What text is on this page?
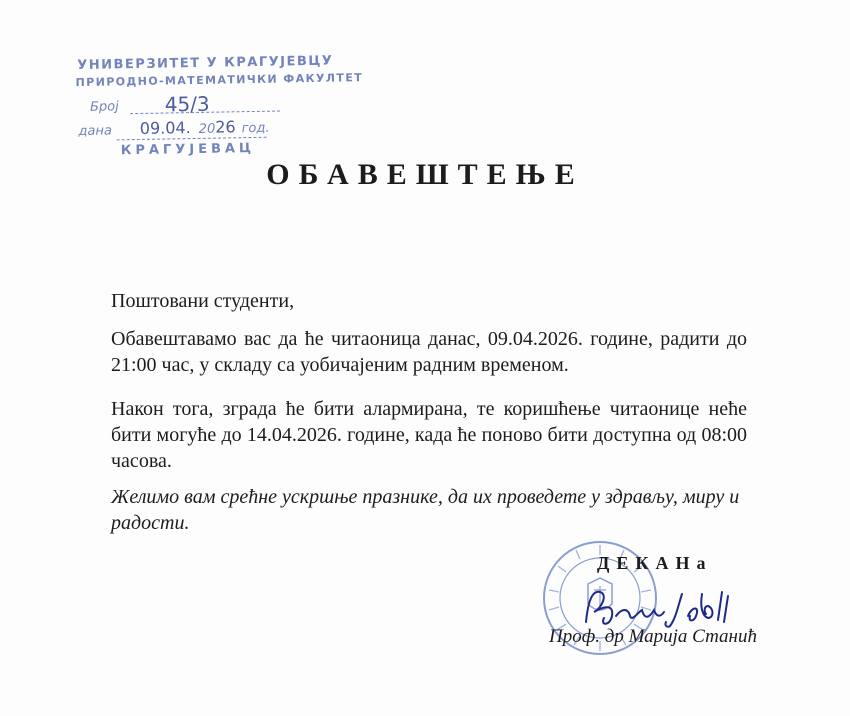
УНИВЕРЗИТЕТ У КРАГУЈЕВЦУ
ПРИРОДНО-МАТЕМАТИЧКИ ФАКУЛТЕТ
Број 45/3
дана 09.04. 2026 год.
КРАГУЈЕВАЦ
ОБАВЕШТЕЊЕ
Поштовани студенти,
Обавештавамо вас да ће читаоница данас, 09.04.2026. године, радити до 21:00 час, у складу са уобичајеним радним временом.
Након тога, зграда ће бити алармирана, те коришћење читаонице неће бити могуће до 14.04.2026. године, када ће поново бити доступна од 08:00 часова.
Желимо вам срећне ускршње празнике, да их проведете у здрављу, миру и радости.
ДЕКАНа
Проф. др Марија Станић
